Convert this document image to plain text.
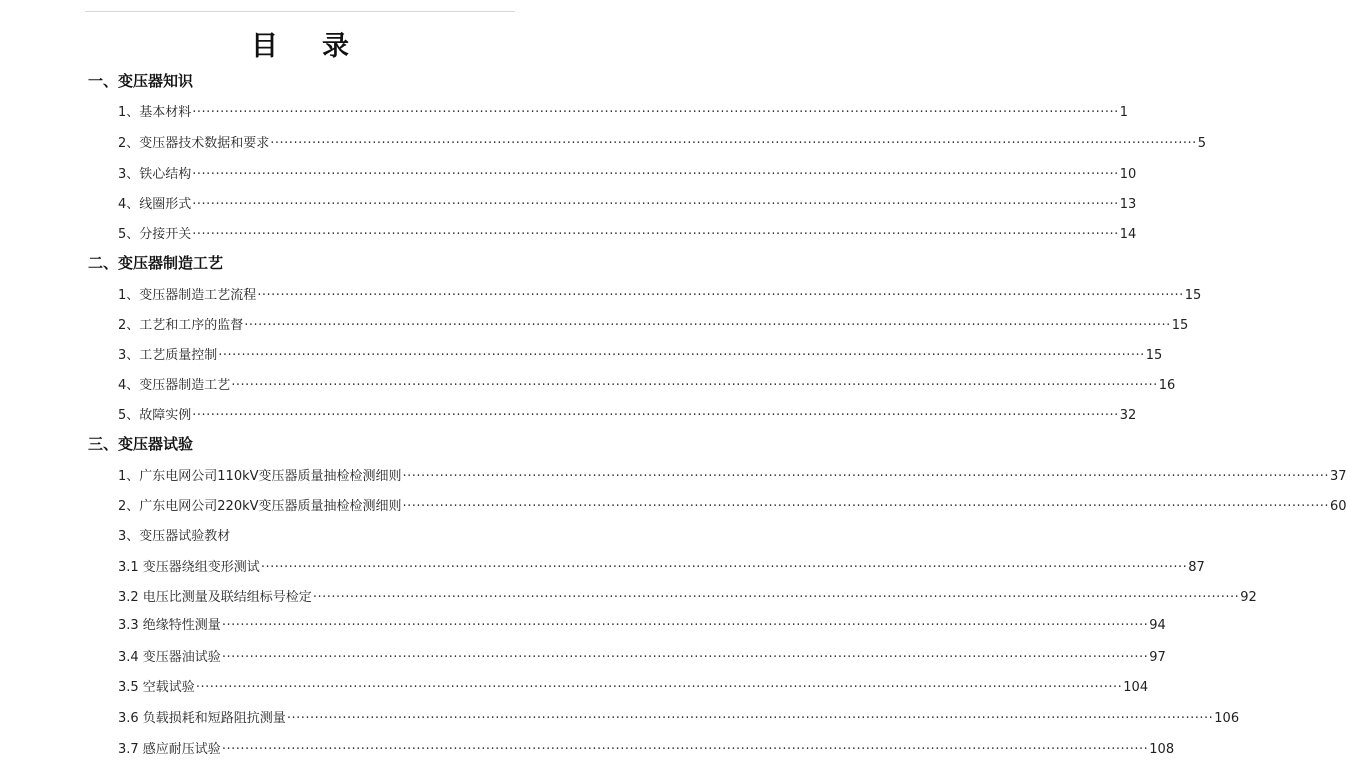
目 录
一、变压器知识
1、基本材料 ········································································································································································································ 1
2、变压器技术数据和要求 ········································································································································································································ 5
3、铁心结构 ········································································································································································································ 10
4、线圈形式 ········································································································································································································ 13
5、分接开关 ········································································································································································································ 14
二、变压器制造工艺
1、变压器制造工艺流程 ········································································································································································································ 15
2、工艺和工序的监督 ········································································································································································································ 15
3、工艺质量控制 ········································································································································································································ 15
4、变压器制造工艺 ········································································································································································································ 16
5、故障实例 ········································································································································································································ 32
三、变压器试验
1、广东电网公司110kV变压器质量抽检检测细则 ········································································································································································································ 37
2、广东电网公司220kV变压器质量抽检检测细则 ········································································································································································································ 60
3、变压器试验教材
3.1 变压器绕组变形测试 ········································································································································································································ 87
3.2 电压比测量及联结组标号检定 ········································································································································································································ 92
3.3 绝缘特性测量 ········································································································································································································ 94
3.4 变压器油试验 ········································································································································································································ 97
3.5 空载试验 ········································································································································································································ 104
3.6 负载损耗和短路阻抗测量 ········································································································································································································ 106
3.7 感应耐压试验 ········································································································································································································ 108
